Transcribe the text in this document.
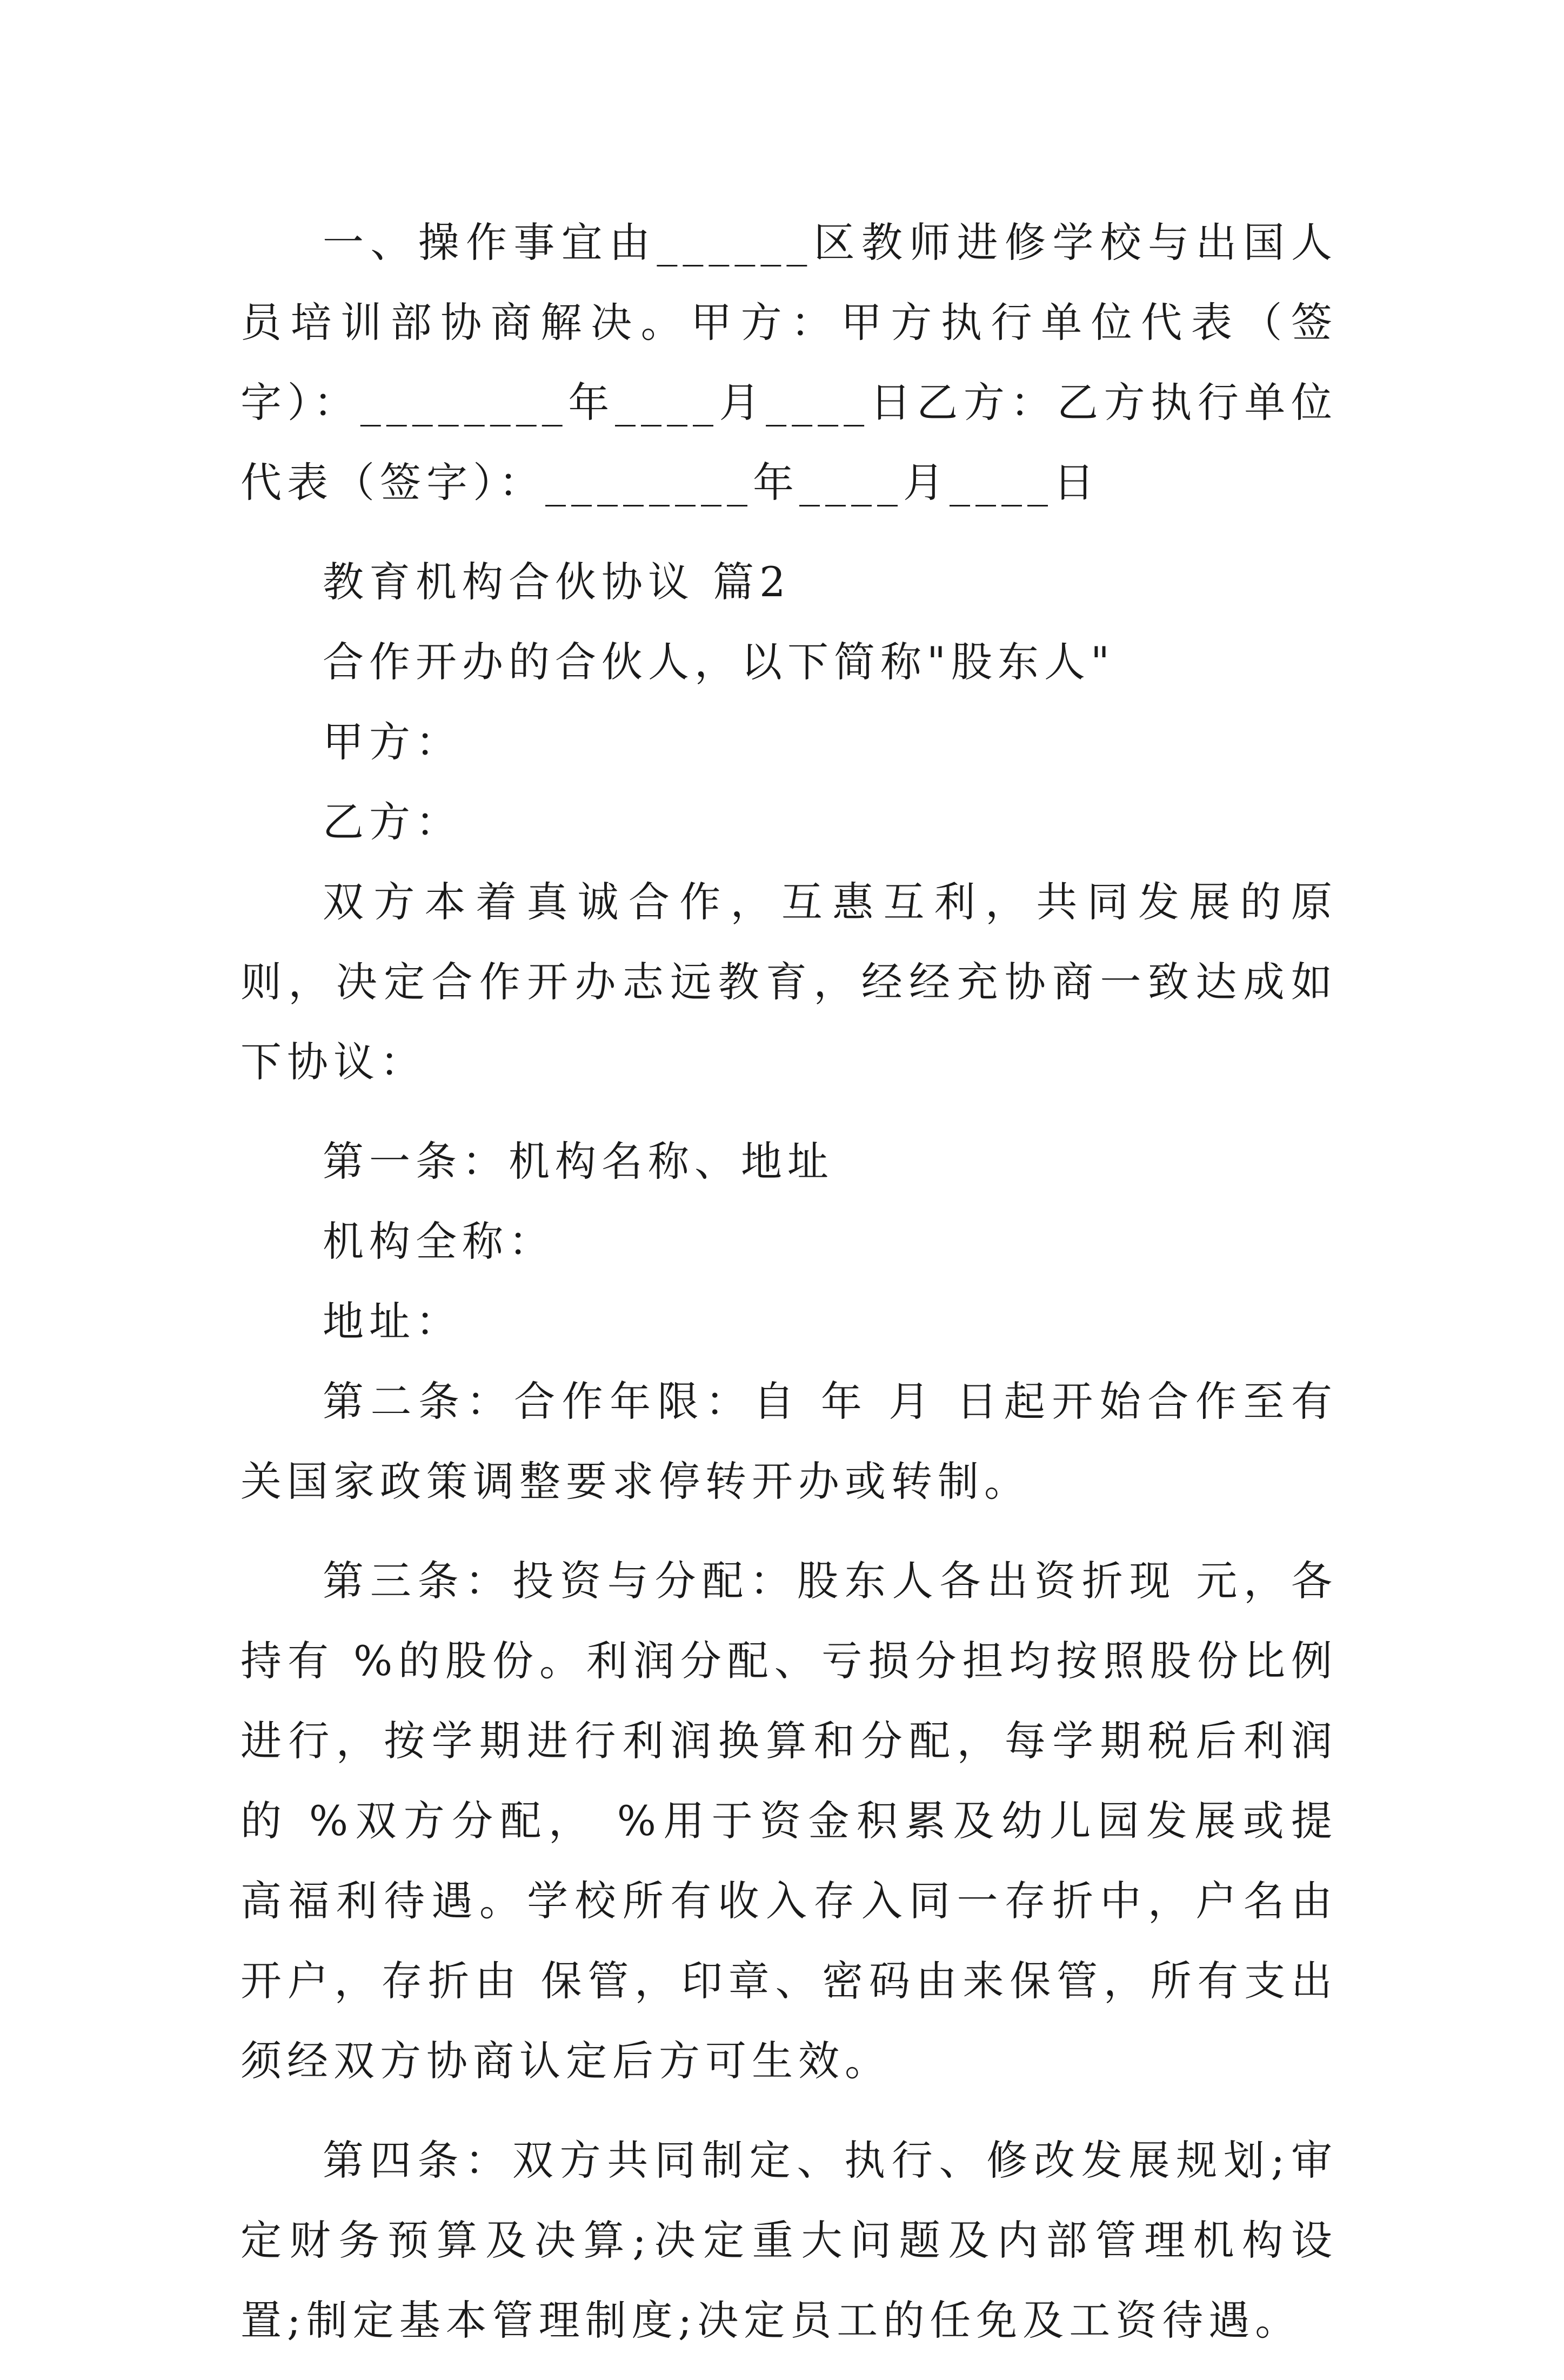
一、操作事宜由______区教师进修学校与出国人员培训部协商解决。甲方：甲方执行单位代表（签字）：________年____月____日乙方：乙方执行单位代表（签字）：________年____月____日

教育机构合伙协议 篇2

合作开办的合伙人，以下简称"股东人"

甲方：

乙方：

双方本着真诚合作，互惠互利，共同发展的原则，决定合作开办志远教育，经经充协商一致达成如下协议：

第一条：机构名称、地址

机构全称：

地址：

第二条：合作年限：自 年 月 日起开始合作至有关国家政策调整要求停转开办或转制。

第三条：投资与分配：股东人各出资折现 元，各持有 %的股份。利润分配、亏损分担均按照股份比例进行，按学期进行利润换算和分配，每学期税后利润的 %双方分配， %用于资金积累及幼儿园发展或提高福利待遇。学校所有收入存入同一存折中，户名由 开户，存折由 保管，印章、密码由来保管，所有支出须经双方协商认定后方可生效。

第四条：双方共同制定、执行、修改发展规划;审定财务预算及决算;决定重大问题及内部管理机构设置;制定基本管理制度;决定员工的任免及工资待遇。
